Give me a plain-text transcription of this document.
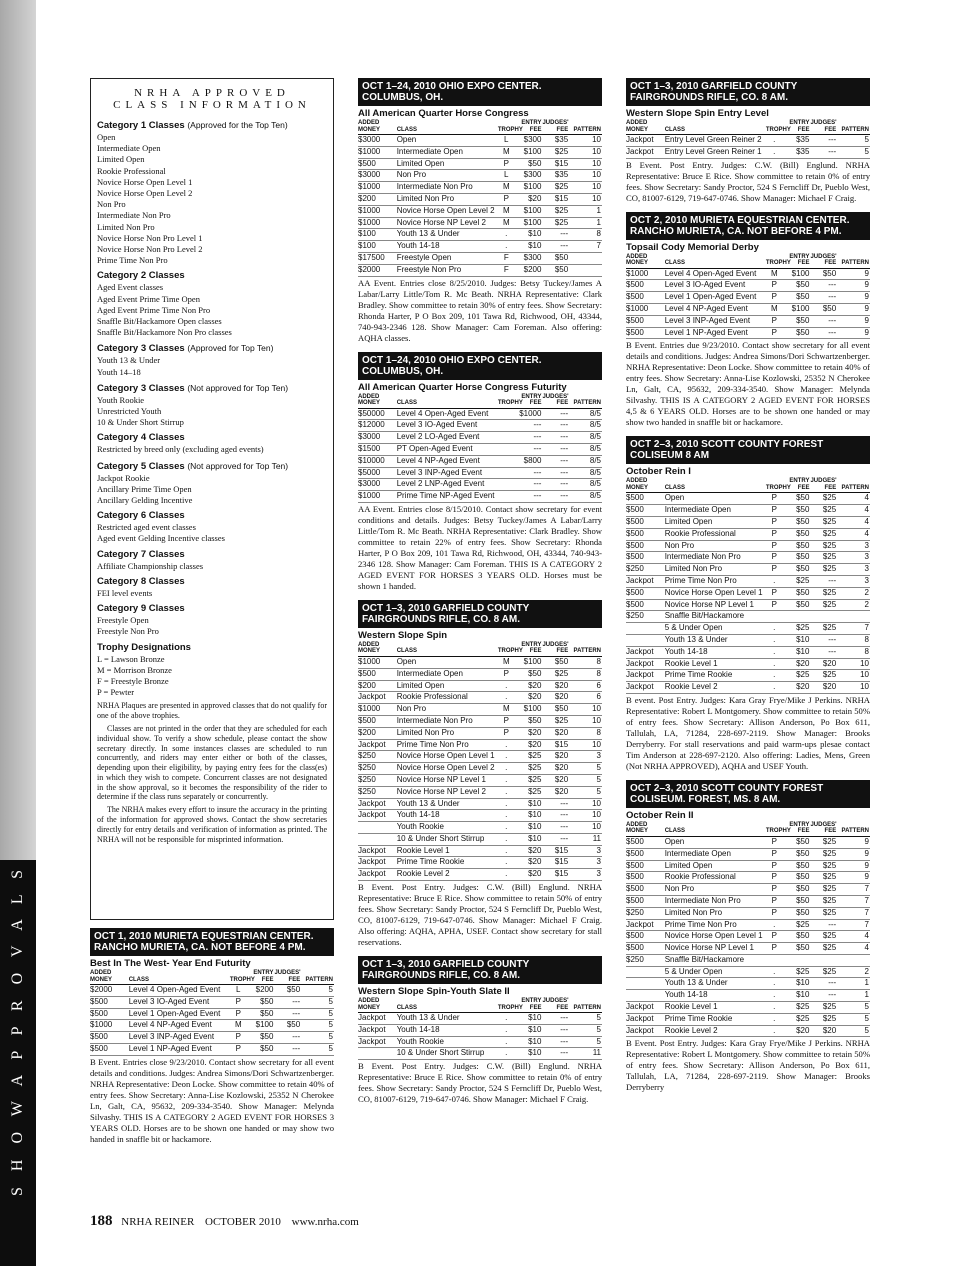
S H O W A P P R O V A L S
NRHA APPROVED
CLASS INFORMATION
Category 1 Classes (Approved for the Top Ten)
Open
Intermediate Open
Limited Open
Rookie Professional
Novice Horse Open Level 1
Novice Horse Open Level 2
Non Pro
Intermediate Non Pro
Limited Non Pro
Novice Horse Non Pro Level 1
Novice Horse Non Pro Level 2
Prime Time Non Pro
Category 2 Classes
Aged Event classes
Aged Event Prime Time Open
Aged Event Prime Time Non Pro
Snaffle Bit/Hackamore Open classes
Snaffle Bit/Hackamore Non Pro classes
Category 3 Classes (Approved for Top Ten)
Youth 13 & Under
Youth 14–18
Category 3 Classes (Not approved for Top Ten)
Youth Rookie
Unrestricted Youth
10 & Under Short Stirrup
Category 4 Classes
Restricted by breed only (excluding aged events)
Category 5 Classes (Not approved for Top Ten)
Jackpot Rookie
Ancillary Prime Time Open
Ancillary Gelding Incentive
Category 6 Classes
Restricted aged event classes
Aged event Gelding Incentive classes
Category 7 Classes
Affiliate Championship classes
Category 8 Classes
FEI level events
Category 9 Classes
Freestyle Open
Freestyle Non Pro
Trophy Designations
L = Lawson Bronze
M = Morrison Bronze
F = Freestyle Bronze
P = Pewter
NRHA Plaques are presented in approved classes that do not qualify for one of the above trophies.
Classes are not printed in the order that they are scheduled for each individual show. To verify a show schedule, please contact the show secretary directly. In some instances classes are scheduled to run concurrently, and riders may enter either or both of the classes, depending upon their eligibility, by paying entry fees for the class(es) in which they wish to compete. Concurrent classes are not designated in the show approval, so it becomes the responsibility of the rider to determine if the class runs separately or concurrently.
The NRHA makes every effort to insure the accuracy in the printing of the information for approved shows. Contact the show secretaries directly for entry details and verification of information as printed. The NRHA will not be responsible for misprinted information.
OCT 1, 2010 MURIETA EQUESTRIAN CENTER. RANCHO MURIETA, CA. NOT BEFORE 4 PM.
Best In The West- Year End Futurity
ADDED MONEY	CLASS	TROPHY	ENTRY FEE	JUDGES' FEE	PATTERN
$2000	Level 4 Open-Aged Event	L	$200	$50	5
$500	Level 3 IO-Aged Event	P	$50	---	5
$500	Level 1 Open-Aged Event	P	$50	---	5
$1000	Level 4 NP-Aged Event	M	$100	$50	5
$500	Level 3 INP-Aged Event	P	$50	---	5
$500	Level 1 NP-Aged Event	P	$50	---	5
B Event. Entries close 9/23/2010. Contact show secretary for all event details and conditions. Judges: Andrea Simons/Dori Schwartzenberger. NRHA Representative: Deon Locke. Show committee to retain 40% of entry fees. Show Secretary: Anna-Lise Kozlowski, 25352 N Cherokee Ln, Galt, CA, 95632, 209-334-3540. Show Manager: Melynda Silvashy. THIS IS A CATEGORY 2 AGED EVENT FOR HORSES 3 YEARS OLD. Horses are to be shown one handed or may show two handed in snaffle bit or hackamore.
OCT 1–24, 2010 OHIO EXPO CENTER. COLUMBUS, OH.
All American Quarter Horse Congress
ADDED MONEY	CLASS	TROPHY	ENTRY FEE	JUDGES' FEE	PATTERN
$3000	Open	L	$300	$35	10
$1000	Intermediate Open	M	$100	$25	10
$500	Limited Open	P	$50	$15	10
$3000	Non Pro	L	$300	$35	10
$1000	Intermediate Non Pro	M	$100	$25	10
$200	Limited Non Pro	P	$20	$15	10
$1000	Novice Horse Open Level 2	M	$100	$25	1
$1000	Novice Horse NP Level 2	M	$100	$25	1
$100	Youth 13 & Under	.	$10	---	8
$100	Youth 14-18	.	$10	---	7
$17500	Freestyle Open	F	$300	$50	
$2000	Freestyle Non Pro	F	$200	$50	
AA Event. Entries close 8/25/2010. Judges: Betsy Tuckey/James A Labar/Larry Little/Tom R. Mc Beath. NRHA Representative: Clark Bradley. Show committee to retain 30% of entry fees. Show Secretary: Rhonda Harter, P O Box 209, 101 Tawa Rd, Richwood, OH, 43344, 740-943-2346 128. Show Manager: Cam Foreman. Also offering: AQHA classes.
OCT 1–24, 2010 OHIO EXPO CENTER. COLUMBUS, OH.
All American Quarter Horse Congress Futurity
ADDED MONEY	CLASS	TROPHY	ENTRY FEE	JUDGES' FEE	PATTERN
$50000	Level 4 Open-Aged Event		$1000	---	8/5
$12000	Level 3 IO-Aged Event		---	---	8/5
$3000	Level 2 LO-Aged Event		---	---	8/5
$1500	PT Open-Aged Event		---	---	8/5
$10000	Level 4 NP-Aged Event		$800	---	8/5
$5000	Level 3 INP-Aged Event		---	---	8/5
$3000	Level 2 LNP-Aged Event		---	---	8/5
$1000	Prime Time NP-Aged Event		---	---	8/5
AA Event. Entries close 8/15/2010. Contact show secretary for event conditions and details. Judges: Betsy Tuckey/James A Labar/Larry Little/Tom R. Mc Beath. NRHA Representative: Clark Bradley. Show committee to retain 22% of entry fees. Show Secretary: Rhonda Harter, P O Box 209, 101 Tawa Rd, Richwood, OH, 43344, 740-943-2346 128. Show Manager: Cam Foreman. THIS IS A CATEGORY 2 AGED EVENT FOR HORSES 3 YEARS OLD. Horses must be shown 1 handed.
OCT 1–3, 2010 GARFIELD COUNTY FAIRGROUNDS RIFLE, CO. 8 AM.
Western Slope Spin
ADDED MONEY	CLASS	TROPHY	ENTRY FEE	JUDGES' FEE	PATTERN
$1000	Open	M	$100	$50	8
$500	Intermediate Open	P	$50	$25	8
$200	Limited Open	.	$20	$20	6
Jackpot	Rookie Professional	.	$20	$20	6
$1000	Non Pro	M	$100	$50	10
$500	Intermediate Non Pro	P	$50	$25	10
$200	Limited Non Pro	P	$20	$20	8
Jackpot	Prime Time Non Pro	.	$20	$15	10
$250	Novice Horse Open Level 1	.	$25	$20	3
$250	Novice Horse Open Level 2	.	$25	$20	5
$250	Novice Horse NP Level 1	.	$25	$20	5
$250	Novice Horse NP Level 2	.	$25	$20	5
Jackpot	Youth 13 & Under	.	$10	---	10
Jackpot	Youth 14-18	.	$10	---	10
	Youth Rookie	.	$10	---	10
	10 & Under Short Stirrup	.	$10	---	11
Jackpot	Rookie Level 1	.	$20	$15	3
Jackpot	Prime Time Rookie	.	$20	$15	3
Jackpot	Rookie Level 2	.	$20	$15	3
B Event. Post Entry. Judges: C.W. (Bill) Englund. NRHA Representative: Bruce E Rice. Show committee to retain 50% of entry fees. Show Secretary: Sandy Proctor, 524 S Ferncliff Dr, Pueblo West, CO, 81007-6129, 719-647-0746. Show Manager: Michael F Craig. Also offering: AQHA, APHA, USEF. Contact show secretary for stall reservations.
OCT 1–3, 2010 GARFIELD COUNTY FAIRGROUNDS RIFLE, CO. 8 AM.
Western Slope Spin-Youth Slate II
ADDED MONEY	CLASS	TROPHY	ENTRY FEE	JUDGES' FEE	PATTERN
Jackpot	Youth 13 & Under	.	$10	---	5
Jackpot	Youth 14-18	.	$10	---	5
Jackpot	Youth Rookie	.	$10	---	5
	10 & Under Short Stirrup	.	$10	---	11
B Event. Post Entry. Judges: C.W. (Bill) Englund. NRHA Representative: Bruce E Rice. Show committee to retain 0% of entry fees. Show Secretary: Sandy Proctor, 524 S Ferncliff Dr, Pueblo West, CO, 81007-6129, 719-647-0746. Show Manager: Michael F Craig.
OCT 1–3, 2010 GARFIELD COUNTY FAIRGROUNDS RIFLE, CO. 8 AM.
Western Slope Spin Entry Level
ADDED MONEY	CLASS	TROPHY	ENTRY FEE	JUDGES' FEE	PATTERN
Jackpot	Entry Level Green Reiner 2	.	$35	---	5
Jackpot	Entry Level Green Reiner 1	.	$35	---	5
B Event. Post Entry. Judges: C.W. (Bill) Englund. NRHA Representative: Bruce E Rice. Show committee to retain 0% of entry fees. Show Secretary: Sandy Proctor, 524 S Ferncliff Dr, Pueblo West, CO, 81007-6129, 719-647-0746. Show Manager: Michael F Craig.
OCT 2, 2010 MURIETA EQUESTRIAN CENTER. RANCHO MURIETA, CA. NOT BEFORE 4 PM.
Topsail Cody Memorial Derby
ADDED MONEY	CLASS	TROPHY	ENTRY FEE	JUDGES' FEE	PATTERN
$1000	Level 4 Open-Aged Event	M	$100	$50	9
$500	Level 3 IO-Aged Event	P	$50	---	9
$500	Level 1 Open-Aged Event	P	$50	---	9
$1000	Level 4 NP-Aged Event	M	$100	$50	9
$500	Level 3 INP-Aged Event	P	$50	---	9
$500	Level 1 NP-Aged Event	P	$50	---	9
B Event. Entries due 9/23/2010. Contact show secretary for all event details and conditions. Judges: Andrea Simons/Dori Schwartzenberger. NRHA Representative: Deon Locke. Show committee to retain 40% of entry fees. Show Secretary: Anna-Lise Kozlowski, 25352 N Cherokee Ln, Galt, CA, 95632, 209-334-3540. Show Manager: Melynda Silvashy. THIS IS A CATEGORY 2 AGED EVENT FOR HORSES 4,5 & 6 YEARS OLD. Horses are to be shown one handed or may show two handed in snaffle bit or hackamore.
OCT 2–3, 2010 SCOTT COUNTY FOREST COLISEUM 8 AM
October Rein I
ADDED MONEY	CLASS	TROPHY	ENTRY FEE	JUDGES' FEE	PATTERN
$500	Open	P	$50	$25	4
$500	Intermediate Open	P	$50	$25	4
$500	Limited Open	P	$50	$25	4
$500	Rookie Professional	P	$50	$25	4
$500	Non Pro	P	$50	$25	3
$500	Intermediate Non Pro	P	$50	$25	3
$250	Limited Non Pro	P	$50	$25	3
Jackpot	Prime Time Non Pro	.	$25	---	3
$500	Novice Horse Open Level 1	P	$50	$25	2
$500	Novice Horse NP Level 1	P	$50	$25	2
$250	Snaffle Bit/Hackamore				
	5 & Under Open	.	$25	$25	7
	Youth 13 & Under	.	$10	---	8
Jackpot	Youth 14-18	.	$10	---	8
Jackpot	Rookie Level 1	.	$20	$20	10
Jackpot	Prime Time Rookie	.	$25	$25	10
Jackpot	Rookie Level 2	.	$20	$20	10
B event. Post Entry. Judges: Kara Gray Frye/Mike J Perkins. NRHA Representative: Robert L Montgomery. Show committee to retain 50% of entry fees. Show Secretary: Allison Anderson, Po Box 611, Tallulah, LA, 71284, 228-697-2119. Show Manager: Brooks Derryberry. For stall reservations and paid warm-ups plesae contact Tim Anderson at 228-697-2120. Also offering: Ladies, Mens, Green (Not NRHA APPROVED), AQHA and USEF Youth.
OCT 2–3, 2010 SCOTT COUNTY FOREST COLISEUM. FOREST, MS. 8 AM.
October Rein II
ADDED MONEY	CLASS	TROPHY	ENTRY FEE	JUDGES' FEE	PATTERN
$500	Open	P	$50	$25	9
$500	Intermediate Open	P	$50	$25	9
$500	Limited Open	P	$50	$25	9
$500	Rookie Professional	P	$50	$25	9
$500	Non Pro	P	$50	$25	7
$500	Intermediate Non Pro	P	$50	$25	7
$250	Limited Non Pro	P	$50	$25	7
Jackpot	Prime Time Non Pro	.	$25	---	7
$500	Novice Horse Open Level 1	P	$50	$25	4
$500	Novice Horse NP Level 1	P	$50	$25	4
$250	Snaffle Bit/Hackamore				
	5 & Under Open	.	$25	$25	2
	Youth 13 & Under	.	$10	---	1
	Youth 14-18	.	$10	---	1
Jackpot	Rookie Level 1	.	$25	$25	5
Jackpot	Prime Time Rookie	.	$25	$25	5
Jackpot	Rookie Level 2	.	$20	$20	5
B Event. Post Entry. Judges: Kara Gray Frye/Mike J Perkins. NRHA Representative: Robert L Montgomery. Show committee to retain 50% of entry fees. Show Secretary: Allison Anderson, Po Box 611, Tallulah, LA, 71284, 228-697-2119. Show Manager: Brooks Derryberry
188 NRHA REINER OCTOBER 2010 www.nrha.com
